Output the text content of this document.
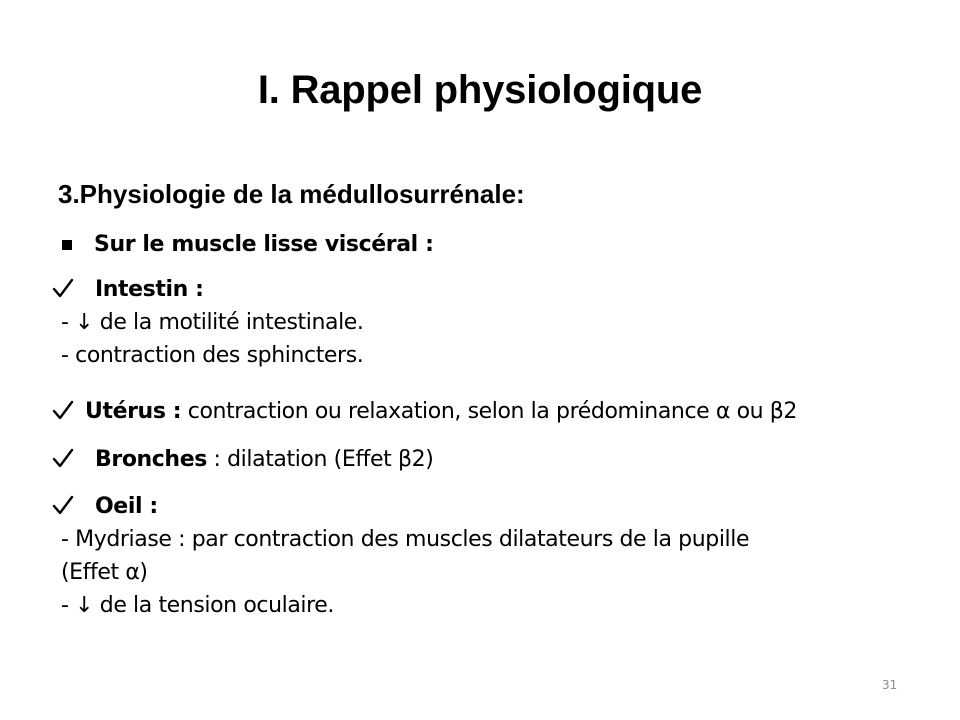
I. Rappel physiologique
3.Physiologie de la médullosurrénale:
Sur le muscle lisse viscéral :
Intestin :
- ↓ de la motilité intestinale.
- contraction des sphincters.
Utérus : contraction ou relaxation, selon la prédominance α ou β2
Bronches : dilatation (Effet β2)
Oeil :
- Mydriase : par contraction des muscles dilatateurs de la pupille
(Effet α)
- ↓ de la tension oculaire.
31
